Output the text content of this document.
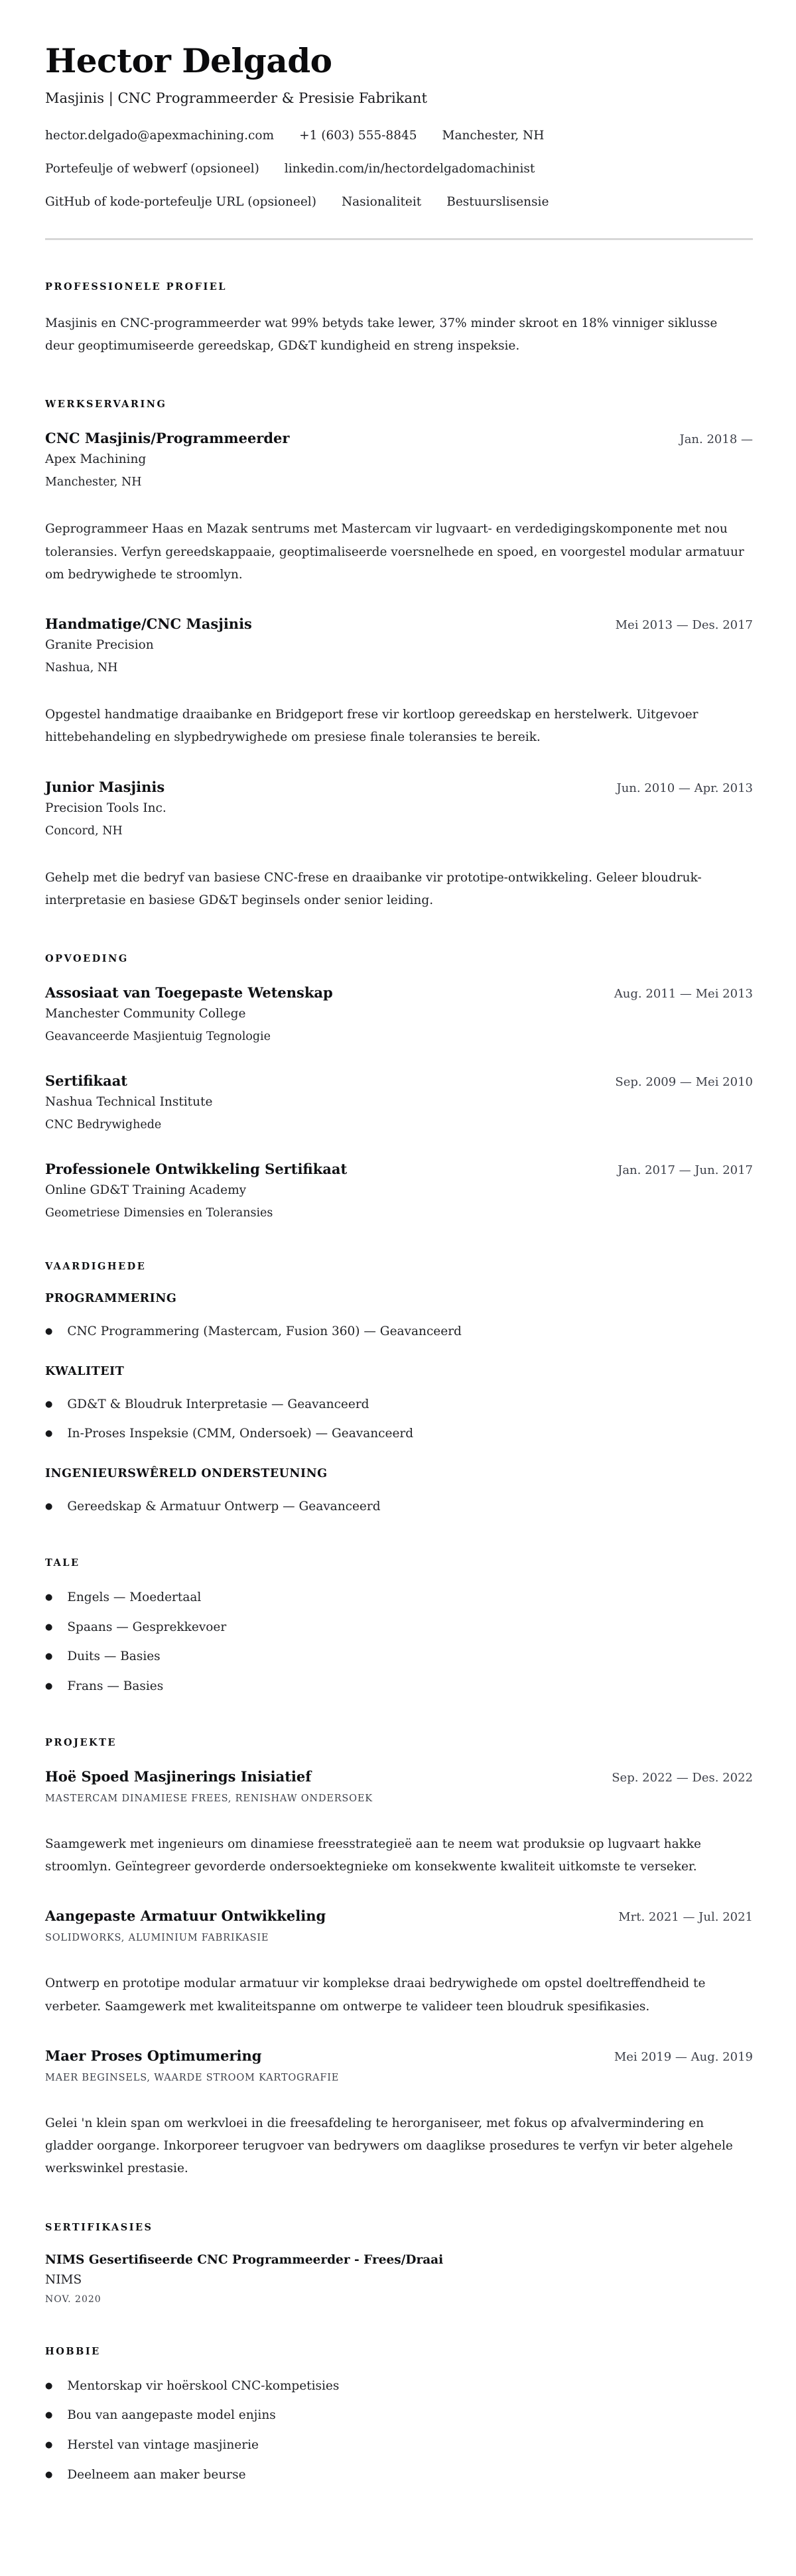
Hector Delgado
Masjinis | CNC Programmeerder & Presisie Fabrikant
hector.delgado@apexmachining.com +1 (603) 555-8845 Manchester, NH
Portefeulje of webwerf (opsioneel) linkedin.com/in/hectordelgadomachinist
GitHub of kode-portefeulje URL (opsioneel) Nasionaliteit Bestuurslisensie
PROFESSIONELE PROFIEL

Masjinis en CNC-programmeerder wat 99% betyds take lewer, 37% minder skroot en 18% vinniger siklusse deur geoptimumiseerde gereedskap, GD&T kundigheid en streng inspeksie.

WERKSERVARING
CNC Masjinis/Programmeerder	Jan. 2018 —
Apex Machining
Manchester, NH

Geprogrammeer Haas en Mazak sentrums met Mastercam vir lugvaart- en verdedigingskomponente met nou toleransies. Verfyn gereedskappaaie, geoptimaliseerde voersnelhede en spoed, en voorgestel modular armatuur om bedrywighede te stroomlyn.

Handmatige/CNC Masjinis	Mei 2013 — Des. 2017
Granite Precision
Nashua, NH

Opgestel handmatige draaibanke en Bridgeport frese vir kortloop gereedskap en herstelwerk. Uitgevoer hittebehandeling en slypbedrywighede om presiese finale toleransies te bereik.

Junior Masjinis	Jun. 2010 — Apr. 2013
Precision Tools Inc.
Concord, NH

Gehelp met die bedryf van basiese CNC-frese en draaibanke vir prototipe-ontwikkeling. Geleer bloudruk-interpretasie en basiese GD&T beginsels onder senior leiding.

OPVOEDING
Assosiaat van Toegepaste Wetenskap	Aug. 2011 — Mei 2013
Manchester Community College
Geavanceerde Masjientuig Tegnologie
Sertifikaat	Sep. 2009 — Mei 2010
Nashua Technical Institute
CNC Bedrywighede
Professionele Ontwikkeling Sertifikaat	Jan. 2017 — Jun. 2017
Online GD&T Training Academy
Geometriese Dimensies en Toleransies
VAARDIGHEDE
PROGRAMMERING
● CNC Programmering (Mastercam, Fusion 360) — Geavanceerd
KWALITEIT
● GD&T & Bloudruk Interpretasie — Geavanceerd
● In-Proses Inspeksie (CMM, Ondersoek) — Geavanceerd
INGENIEURSWÊRELD ONDERSTEUNING
● Gereedskap & Armatuur Ontwerp — Geavanceerd
TALE
● Engels — Moedertaal
● Spaans — Gesprekkevoer
● Duits — Basies
● Frans — Basies
PROJEKTE
Hoë Spoed Masjinerings Inisiatief	Sep. 2022 — Des. 2022
MASTERCAM DINAMIESE FREES, RENISHAW ONDERSOEK

Saamgewerk met ingenieurs om dinamiese freesstrategieë aan te neem wat produksie op lugvaart hakke stroomlyn. Geïntegreer gevorderde ondersoektegnieke om konsekwente kwaliteit uitkomste te verseker.

Aangepaste Armatuur Ontwikkeling	Mrt. 2021 — Jul. 2021
SOLIDWORKS, ALUMINIUM FABRIKASIE

Ontwerp en prototipe modular armatuur vir komplekse draai bedrywighede om opstel doeltreffendheid te verbeter. Saamgewerk met kwaliteitspanne om ontwerpe te valideer teen bloudruk spesifikasies.

Maer Proses Optimumering	Mei 2019 — Aug. 2019
MAER BEGINSELS, WAARDE STROOM KARTOGRAFIE

Gelei 'n klein span om werkvloei in die freesafdeling te herorganiseer, met fokus op afvalvermindering en gladder oorgange. Inkorporeer terugvoer van bedrywers om daaglikse prosedures te verfyn vir beter algehele werkswinkel prestasie.

SERTIFIKASIES
NIMS Gesertifiseerde CNC Programmeerder - Frees/Draai
NIMS
NOV. 2020
HOBBIE
● Mentorskap vir hoërskool CNC-kompetisies
● Bou van aangepaste model enjins
● Herstel van vintage masjinerie
● Deelneem aan maker beurse
